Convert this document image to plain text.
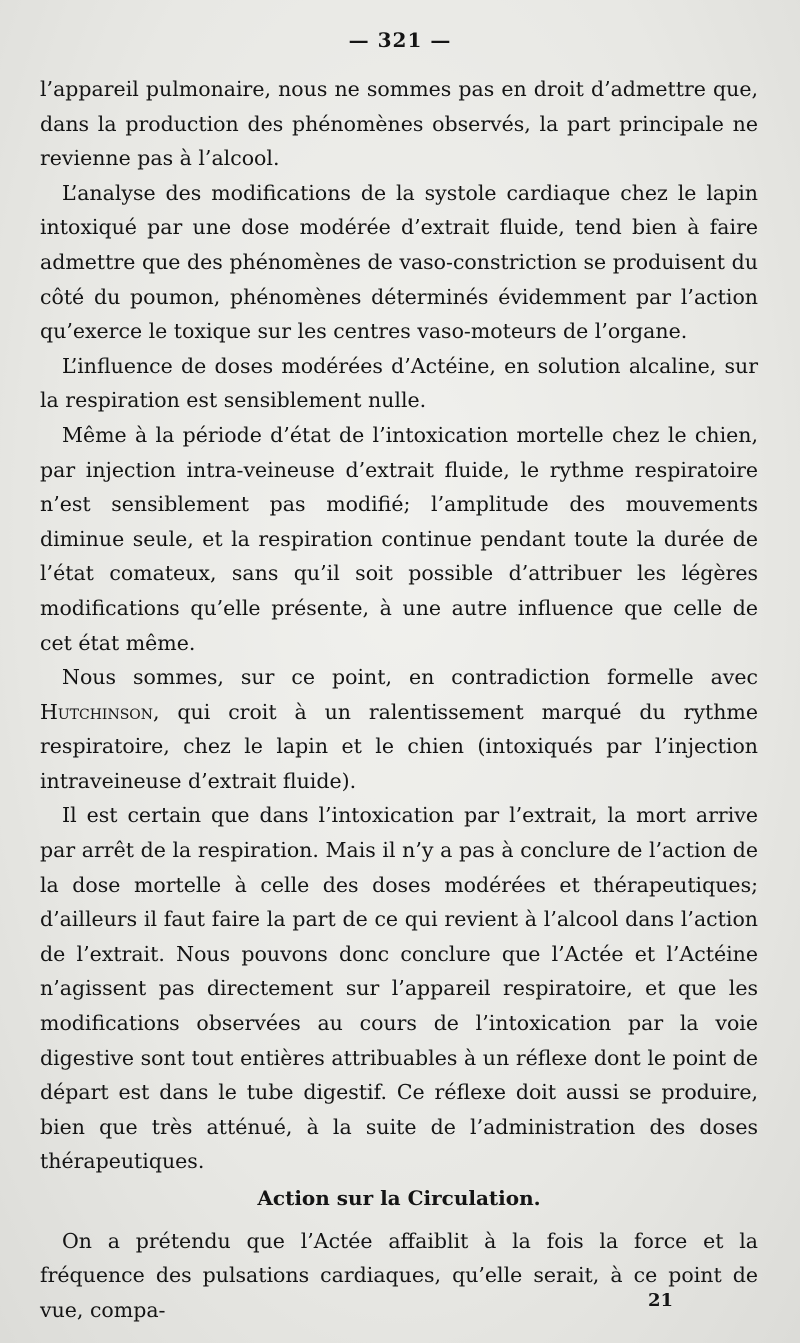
— 321 —

l’appareil pulmonaire, nous ne sommes pas en droit d’admettre que, dans la production des phénomènes observés, la part principale ne revienne pas à l’alcool.

L’analyse des modifications de la systole cardiaque chez le lapin intoxiqué par une dose modérée d’extrait fluide, tend bien à faire admettre que des phénomènes de vaso-constriction se produisent du côté du poumon, phénomènes déterminés évidemment par l’action qu’exerce le toxique sur les centres vaso-moteurs de l’organe.

L’influence de doses modérées d’Actéine, en solution alcaline, sur la respiration est sensiblement nulle.

Même à la période d’état de l’intoxication mortelle chez le chien, par injection intra-veineuse d’extrait fluide, le rythme respiratoire n’est sensiblement pas modifié; l’amplitude des mouvements diminue seule, et la respiration continue pendant toute la durée de l’état comateux, sans qu’il soit possible d’attribuer les légères modifications qu’elle présente, à une autre influence que celle de cet état même.

Nous sommes, sur ce point, en contradiction formelle avec Hutchinson, qui croit à un ralentissement marqué du rythme respiratoire, chez le lapin et le chien (intoxiqués par l’injection intraveineuse d’extrait fluide).

Il est certain que dans l’intoxication par l’extrait, la mort arrive par arrêt de la respiration. Mais il n’y a pas à conclure de l’action de la dose mortelle à celle des doses modérées et thérapeutiques; d’ailleurs il faut faire la part de ce qui revient à l’alcool dans l’action de l’extrait. Nous pouvons donc conclure que l’Actée et l’Actéine n’agissent pas directement sur l’appareil respiratoire, et que les modifications observées au cours de l’intoxication par la voie digestive sont tout entières attribuables à un réflexe dont le point de départ est dans le tube digestif. Ce réflexe doit aussi se produire, bien que très atténué, à la suite de l’administration des doses thérapeutiques.

Action sur la Circulation.

On a prétendu que l’Actée affaiblit à la fois la force et la fréquence des pulsations cardiaques, qu’elle serait, à ce point de vue, compa-	21
